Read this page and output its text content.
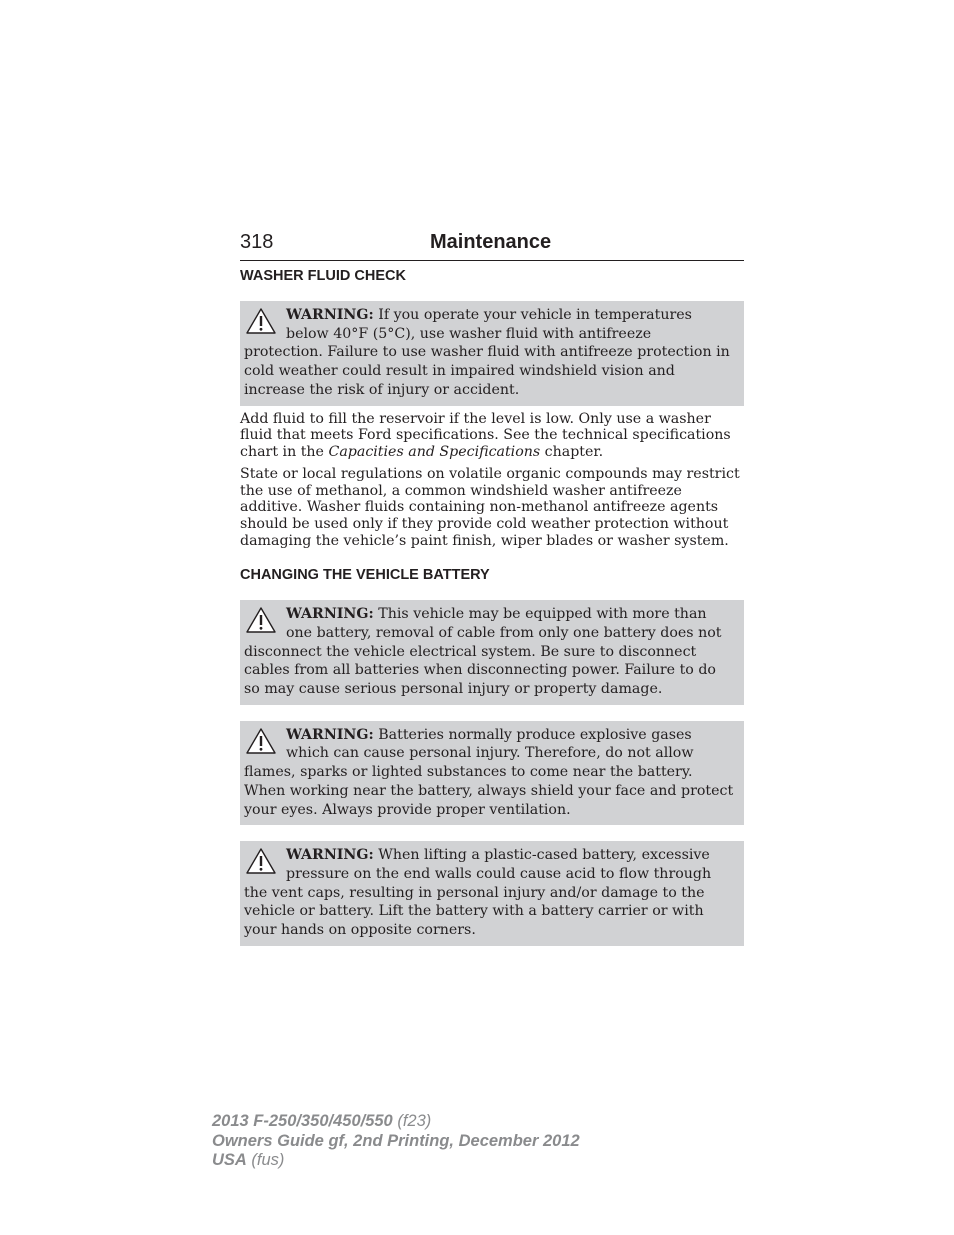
318	Maintenance
WASHER FLUID CHECK
WARNING: If you operate your vehicle in temperatures below 40°F (5°C), use washer fluid with antifreeze protection. Failure to use washer fluid with antifreeze protection in cold weather could result in impaired windshield vision and increase the risk of injury or accident.

Add fluid to fill the reservoir if the level is low. Only use a washer fluid that meets Ford specifications. See the technical specifications chart in the Capacities and Specifications chapter.

State or local regulations on volatile organic compounds may restrict the use of methanol, a common windshield washer antifreeze additive. Washer fluids containing non-methanol antifreeze agents should be used only if they provide cold weather protection without damaging the vehicle’s paint finish, wiper blades or washer system.

CHANGING THE VEHICLE BATTERY
WARNING: This vehicle may be equipped with more than one battery, removal of cable from only one battery does not disconnect the vehicle electrical system. Be sure to disconnect cables from all batteries when disconnecting power. Failure to do so may cause serious personal injury or property damage.
WARNING: Batteries normally produce explosive gases which can cause personal injury. Therefore, do not allow flames, sparks or lighted substances to come near the battery. When working near the battery, always shield your face and protect your eyes. Always provide proper ventilation.
WARNING: When lifting a plastic-cased battery, excessive pressure on the end walls could cause acid to flow through the vent caps, resulting in personal injury and/or damage to the vehicle or battery. Lift the battery with a battery carrier or with your hands on opposite corners.
2013 F-250/350/450/550 (f23)
Owners Guide gf, 2nd Printing, December 2012
USA (fus)
